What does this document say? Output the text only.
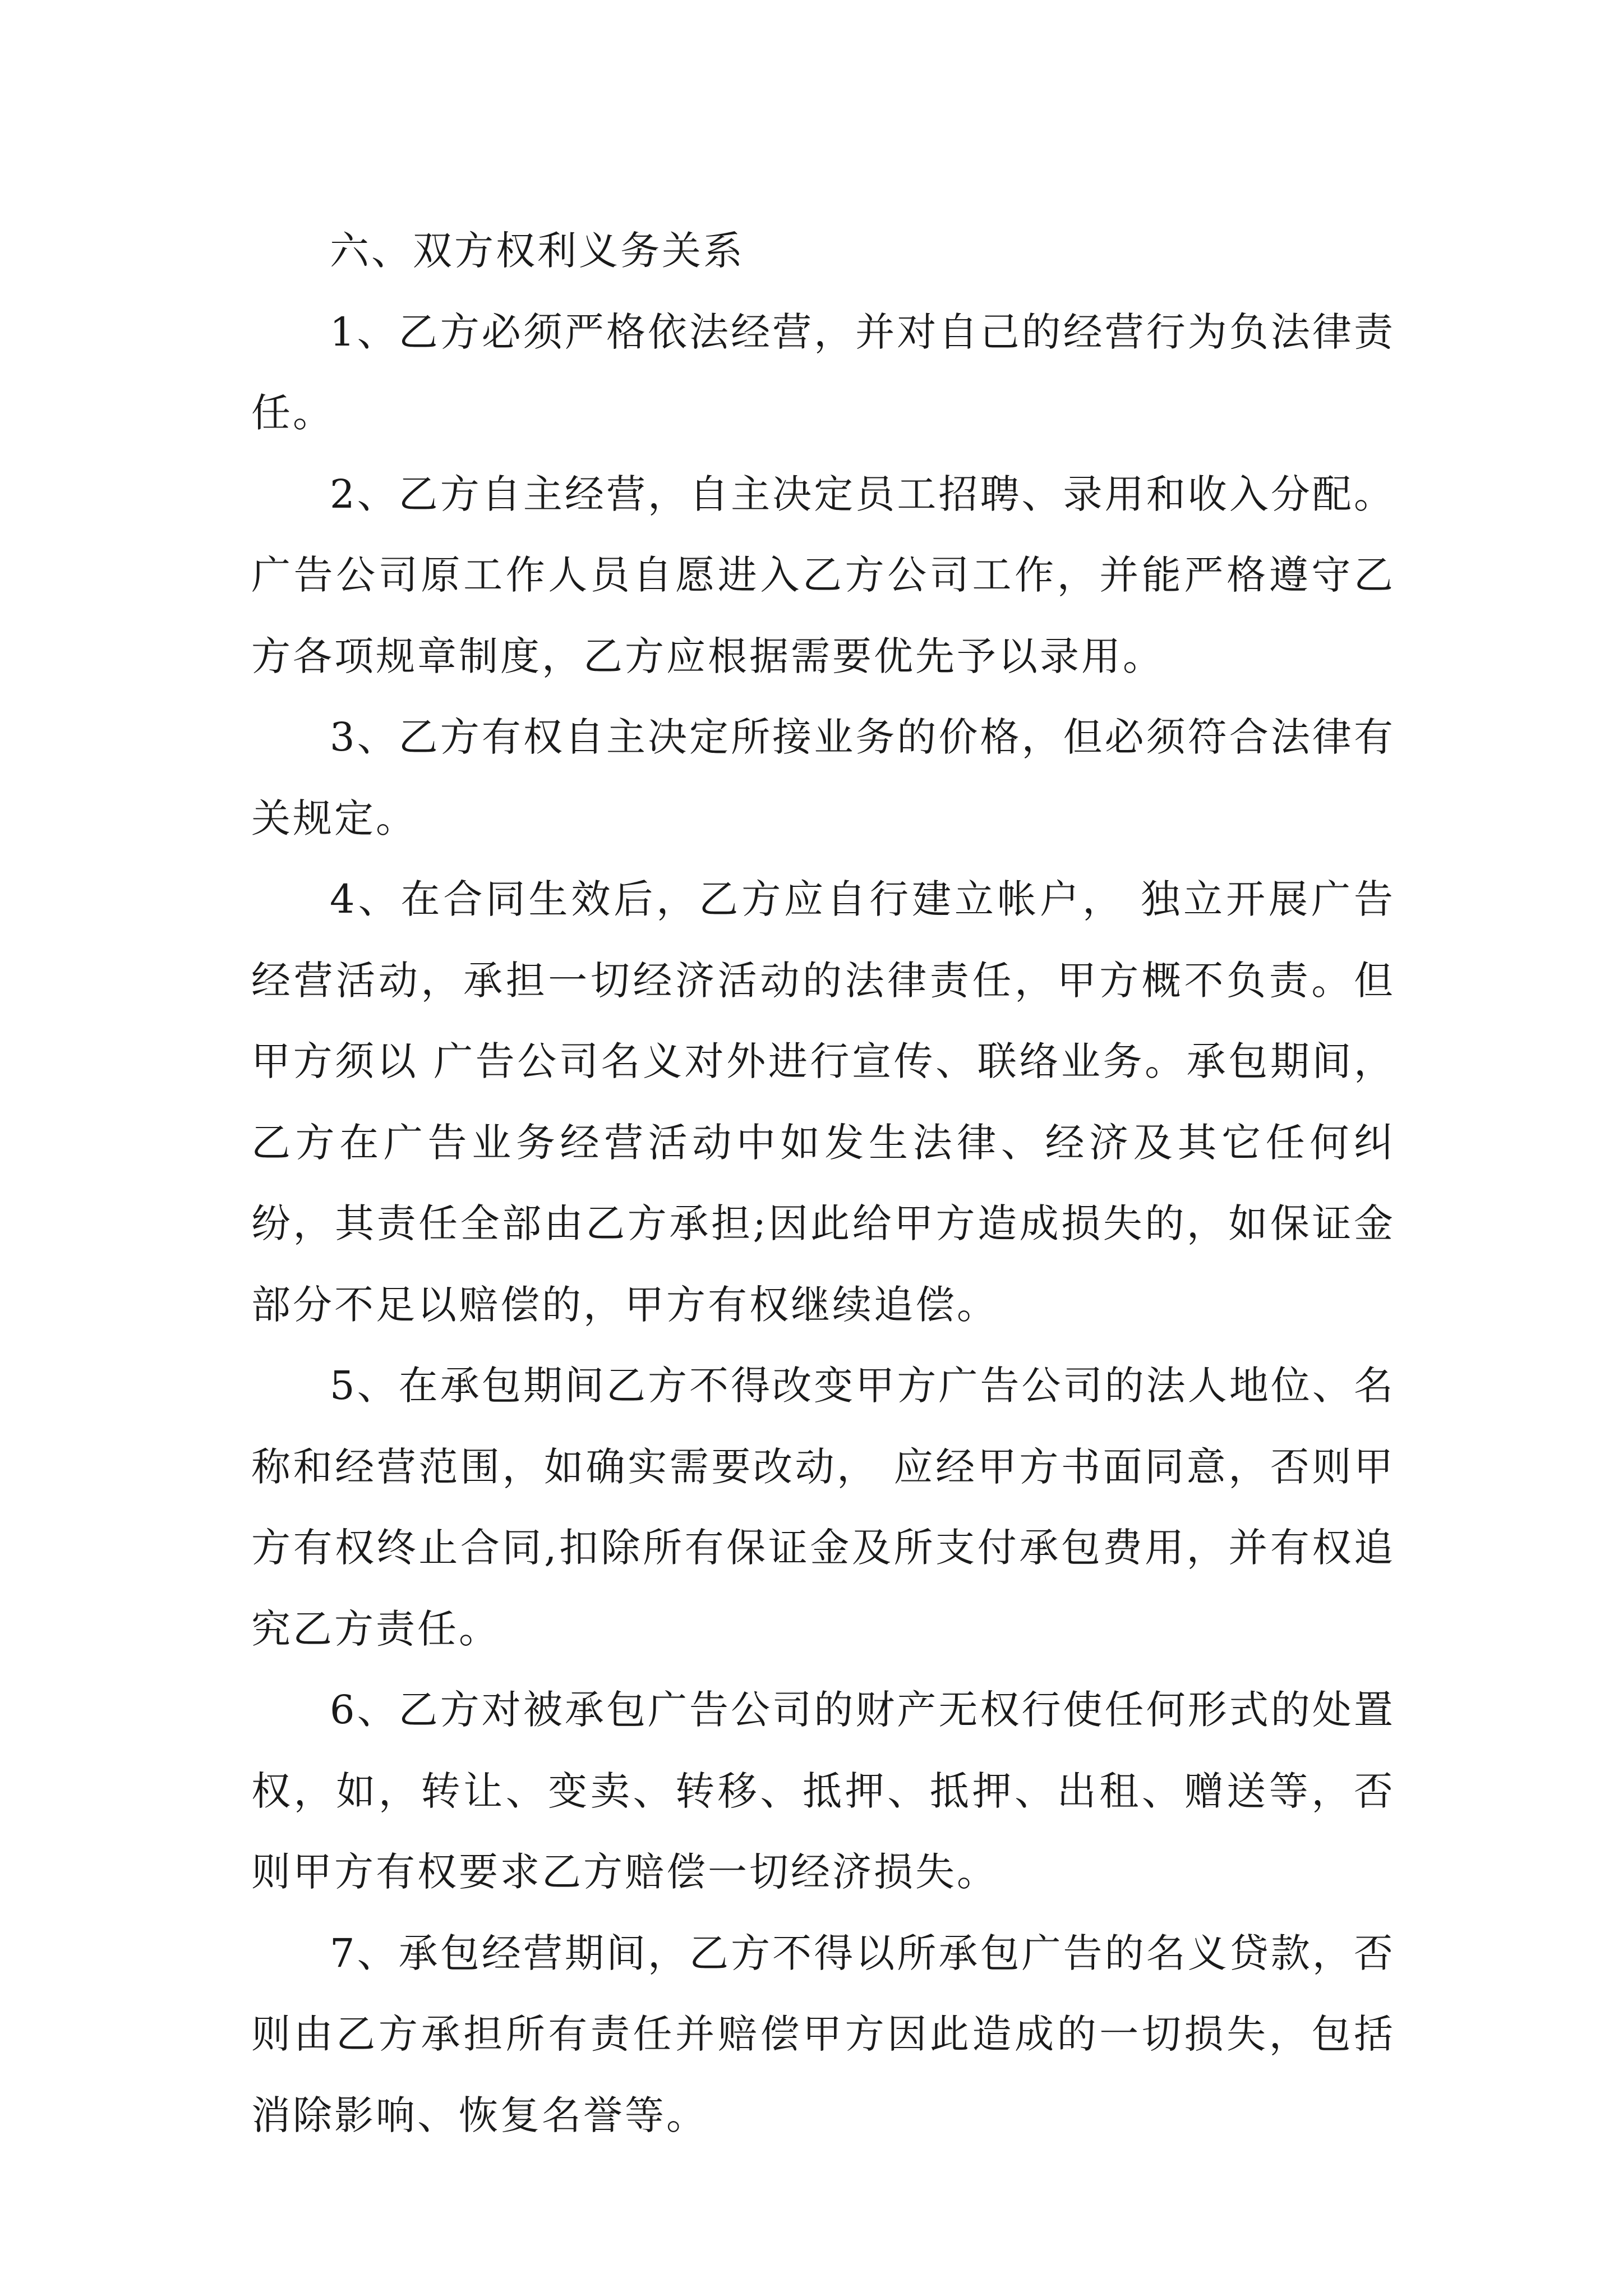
六、双方权利义务关系

1、乙方必须严格依法经营，并对自己的经营行为负法律责任。

2、乙方自主经营，自主决定员工招聘、录用和收入分配。广告公司原工作人员自愿进入乙方公司工作，并能严格遵守乙方各项规章制度，乙方应根据需要优先予以录用。

3、乙方有权自主决定所接业务的价格，但必须符合法律有关规定。

4、在合同生效后，乙方应自行建立帐户， 独立开展广告经营活动，承担一切经济活动的法律责任，甲方概不负责。但甲方须以 广告公司名义对外进行宣传、联络业务。承包期间，乙方在广告业务经营活动中如发生法律、经济及其它任何纠纷，其责任全部由乙方承担;因此给甲方造成损失的，如保证金部分不足以赔偿的，甲方有权继续追偿。

5、在承包期间乙方不得改变甲方广告公司的法人地位、名称和经营范围，如确实需要改动， 应经甲方书面同意，否则甲方有权终止合同,扣除所有保证金及所支付承包费用，并有权追究乙方责任。

6、乙方对被承包广告公司的财产无权行使任何形式的处置权，如，转让、变卖、转移、抵押、抵押、出租、赠送等，否则甲方有权要求乙方赔偿一切经济损失。

7、承包经营期间，乙方不得以所承包广告的名义贷款，否则由乙方承担所有责任并赔偿甲方因此造成的一切损失，包括消除影响、恢复名誉等。
